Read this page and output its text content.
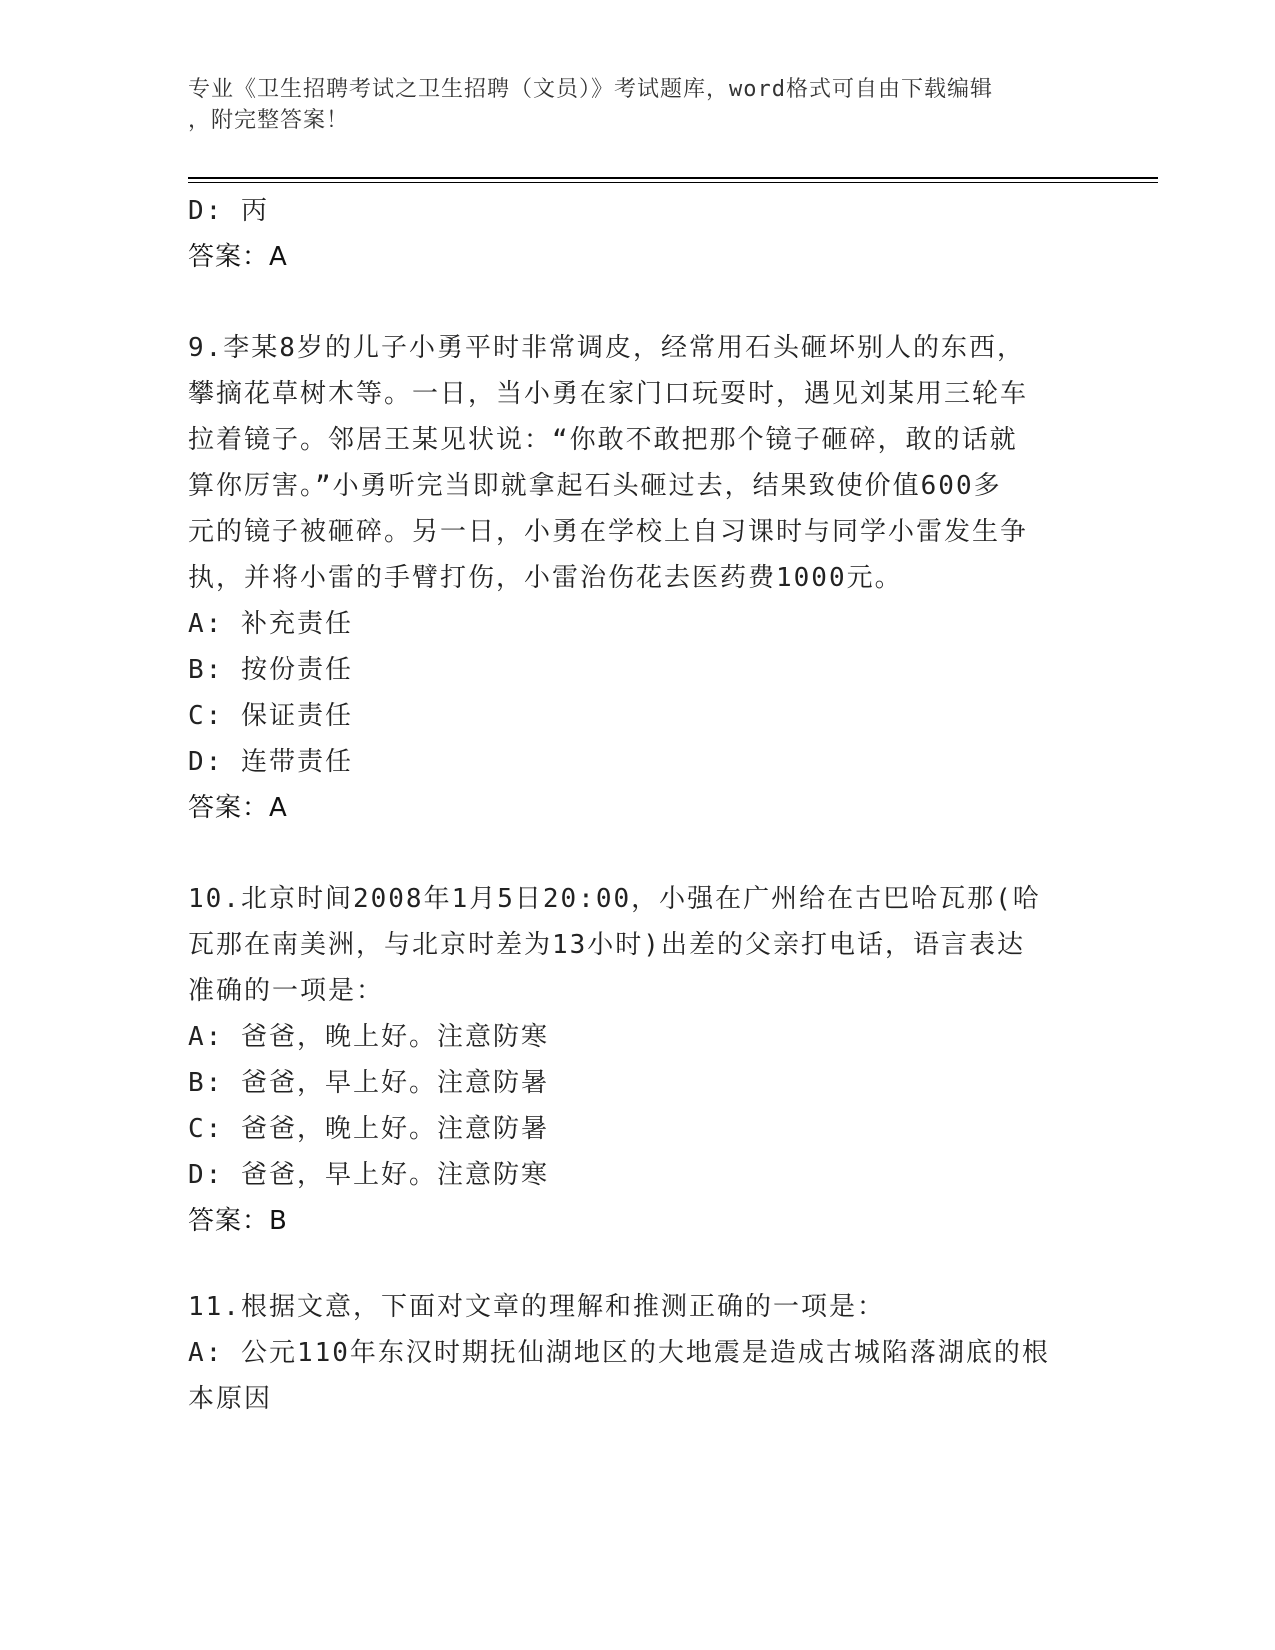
专业《卫生招聘考试之卫生招聘（文员）》考试题库，word格式可自由下载编辑
，附完整答案！
D: 丙
答案：A
9.李某8岁的儿子小勇平时非常调皮，经常用石头砸坏别人的东西，
攀摘花草树木等。一日，当小勇在家门口玩耍时，遇见刘某用三轮车
拉着镜子。邻居王某见状说：“你敢不敢把那个镜子砸碎，敢的话就
算你厉害。”小勇听完当即就拿起石头砸过去，结果致使价值600多
元的镜子被砸碎。另一日，小勇在学校上自习课时与同学小雷发生争
执，并将小雷的手臂打伤，小雷治伤花去医药费1000元。
A: 补充责任
B: 按份责任
C: 保证责任
D: 连带责任
答案：A
10.北京时间2008年1月5日20:00，小强在广州给在古巴哈瓦那(哈
瓦那在南美洲，与北京时差为13小时)出差的父亲打电话，语言表达
准确的一项是：
A: 爸爸，晚上好。注意防寒
B: 爸爸，早上好。注意防暑
C: 爸爸，晚上好。注意防暑
D: 爸爸，早上好。注意防寒
答案：B
11.根据文意，下面对文章的理解和推测正确的一项是：
A: 公元110年东汉时期抚仙湖地区的大地震是造成古城陷落湖底的根
本原因
